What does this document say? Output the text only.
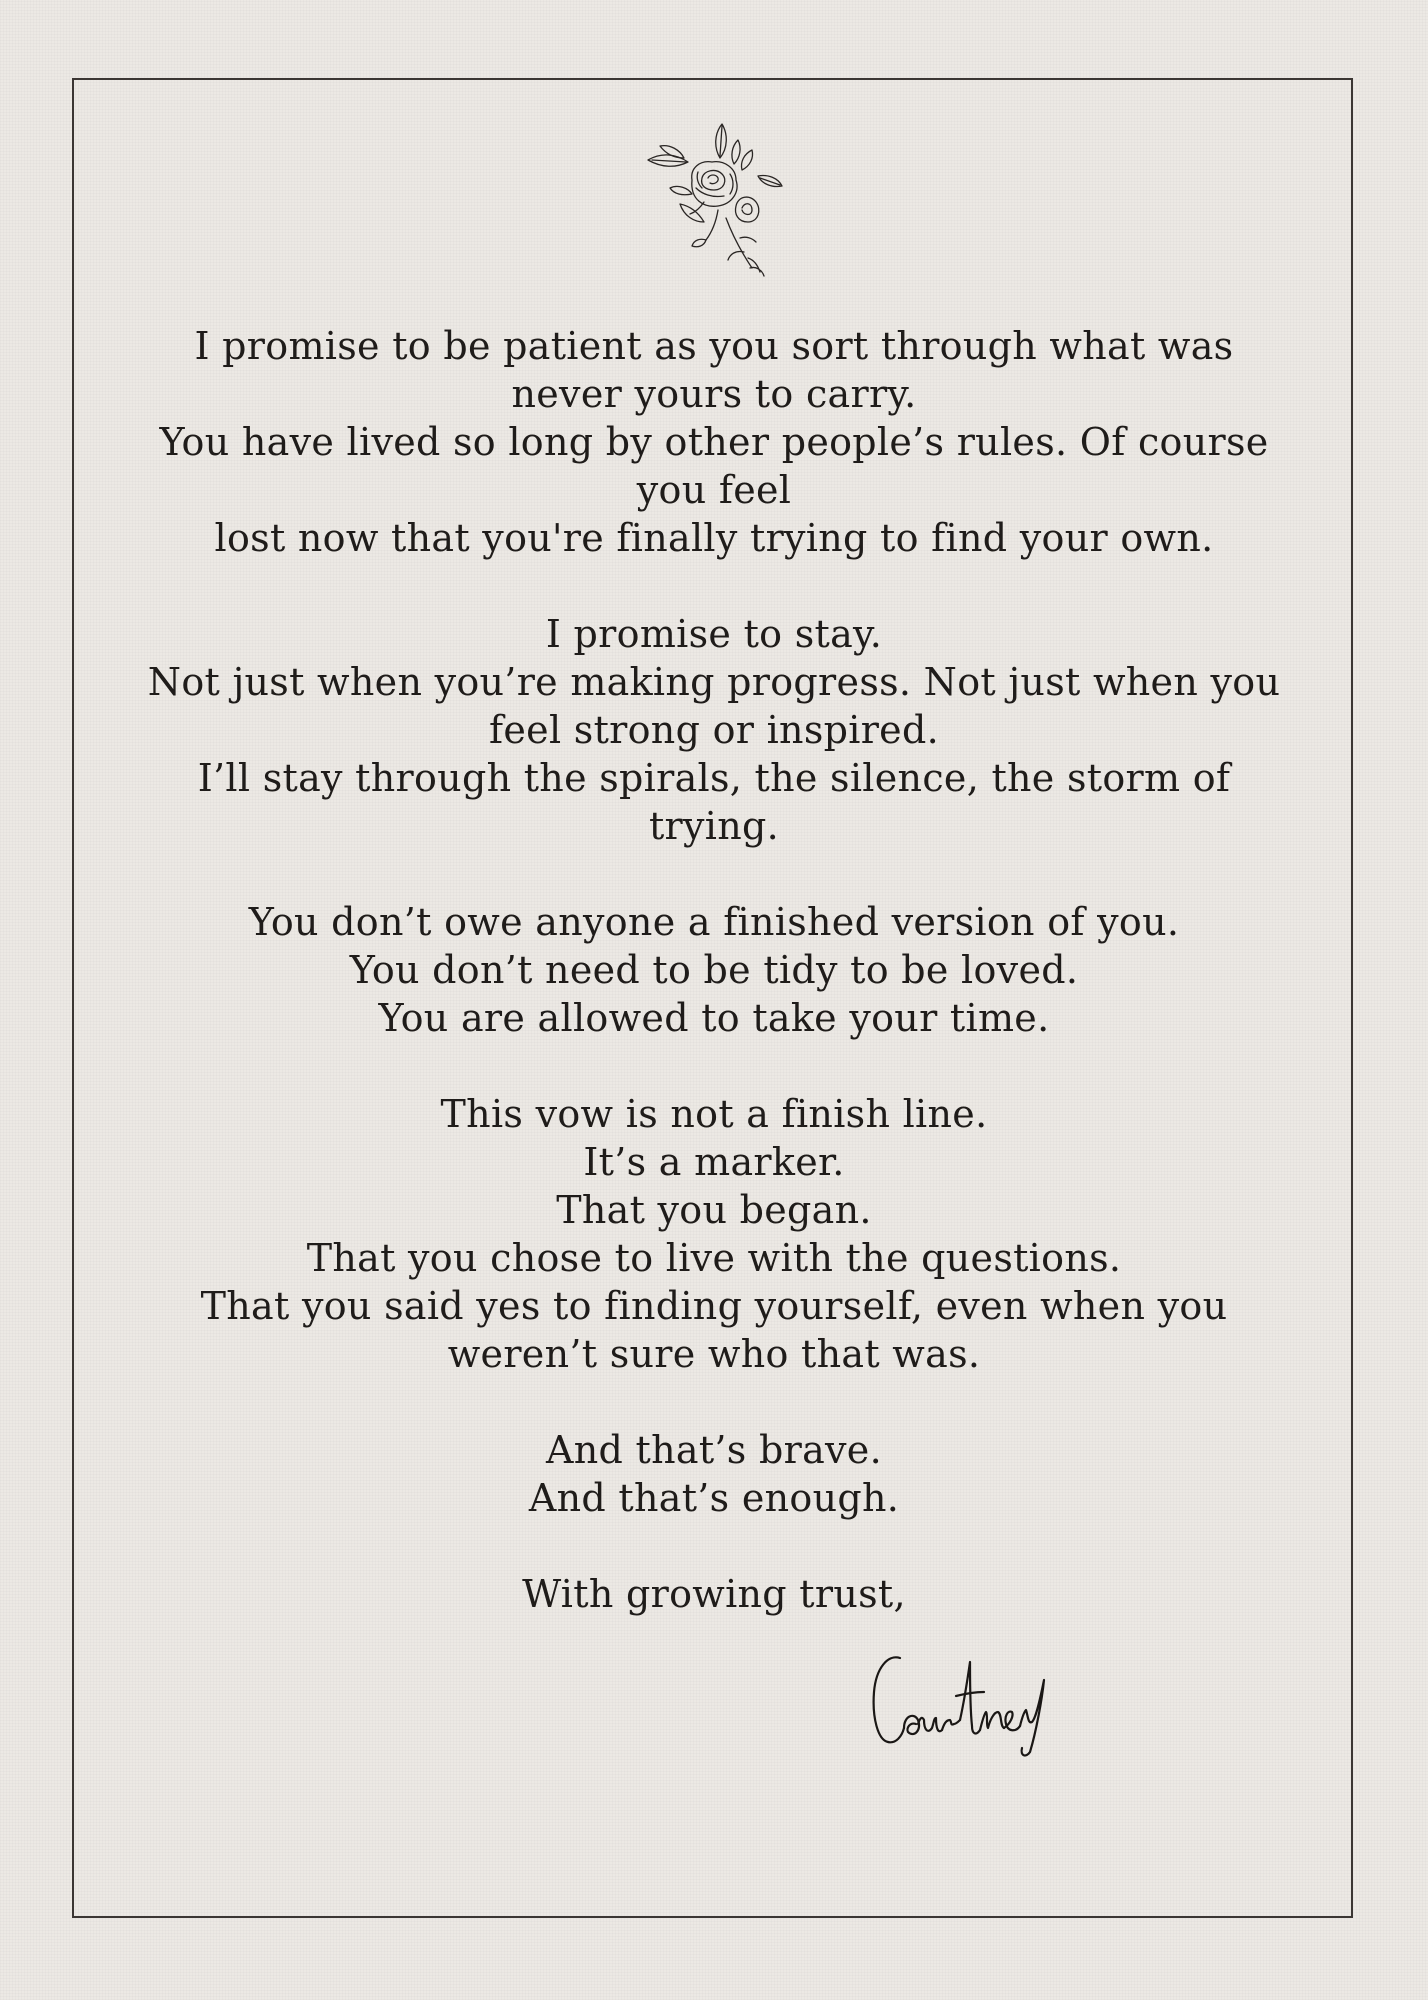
I promise to be patient as you sort through what was
never yours to carry.
You have lived so long by other people’s rules. Of course
you feel
lost now that you're finally trying to find your own.
I promise to stay.
Not just when you’re making progress. Not just when you
feel strong or inspired.
I’ll stay through the spirals, the silence, the storm of
trying.
You don’t owe anyone a finished version of you.
You don’t need to be tidy to be loved.
You are allowed to take your time.
This vow is not a finish line.
It’s a marker.
That you began.
That you chose to live with the questions.
That you said yes to finding yourself, even when you
weren’t sure who that was.
And that’s brave.
And that’s enough.

With growing trust,
